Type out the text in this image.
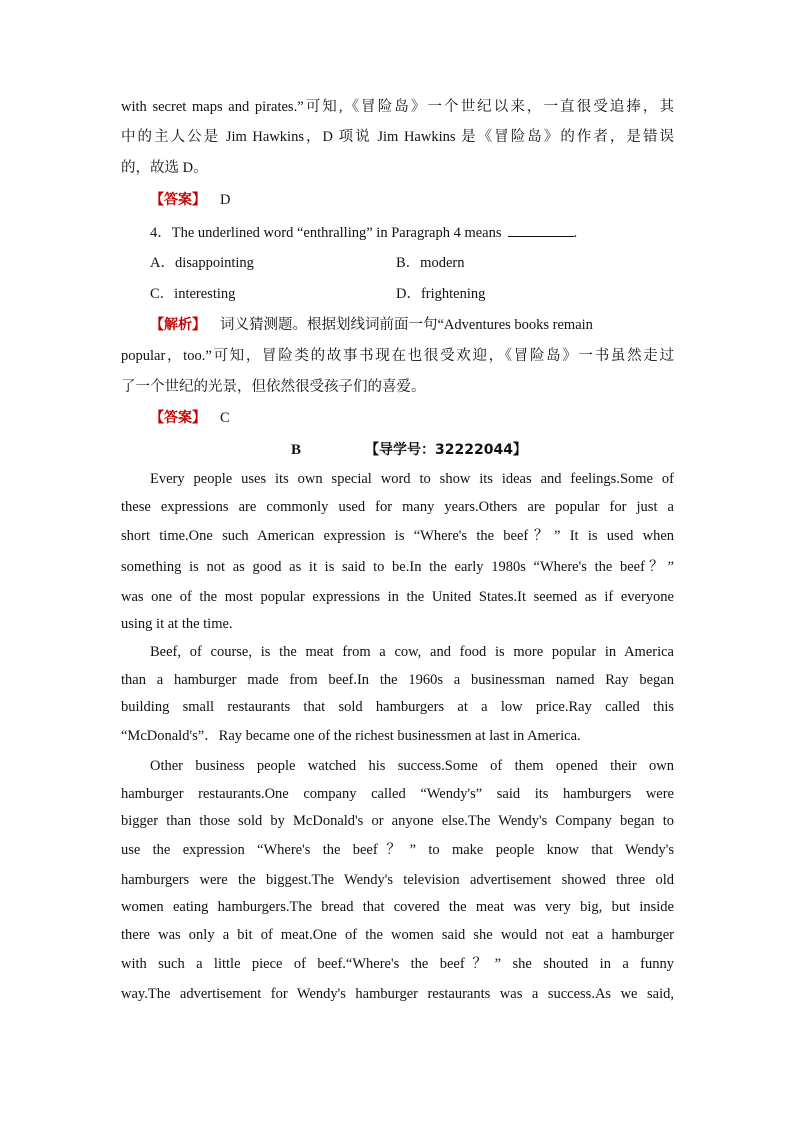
with secret maps and pirates.”可知,《冒险岛》一个世纪以来，一直很受追捧，其
中的主人公是 Jim Hawkins，D 项说 Jim Hawkins 是《冒险岛》的作者，是错误
的，故选 D。
【答案】 D
4．The underlined word “enthralling” in Paragraph 4 means	.
A．disappointing	B．modern
C．interesting	D．frightening
【解析】 词义猜测题。根据划线词前面一句“Adventures books remain
popular，too.”可知，冒险类的故事书现在也很受欢迎，《冒险岛》一书虽然走过
了一个世纪的光景，但依然很受孩子们的喜爱。
【答案】 C
B	【导学号：32222044】
Every people uses its own special word to show its ideas and feelings.Some of
these expressions are commonly used for many years.Others are popular for just a
short time.One such American expression is “Where's the beef？” It is used when
something is not as good as it is said to be.In the early 1980s “Where's the beef？”
was one of the most popular expressions in the United States.It seemed as if everyone
using it at the time.
Beef, of course, is the meat from a cow, and food is more popular in America
than a hamburger made from beef.In the 1960s a businessman named Ray began
building small restaurants that sold hamburgers at a low price.Ray called this
“McDonald's”．Ray became one of the richest businessmen at last in America.
Other business people watched his success.Some of them opened their own
hamburger restaurants.One company called “Wendy's” said its hamburgers were
bigger than those sold by McDonald's or anyone else.The Wendy's Company began to
use the expression “Where's the beef？” to make people know that Wendy's
hamburgers were the biggest.The Wendy's television advertisement showed three old
women eating hamburgers.The bread that covered the meat was very big, but inside
there was only a bit of meat.One of the women said she would not eat a hamburger
with such a little piece of beef.“Where's the beef？” she shouted in a funny
way.The advertisement for Wendy's hamburger restaurants was a success.As we said,
